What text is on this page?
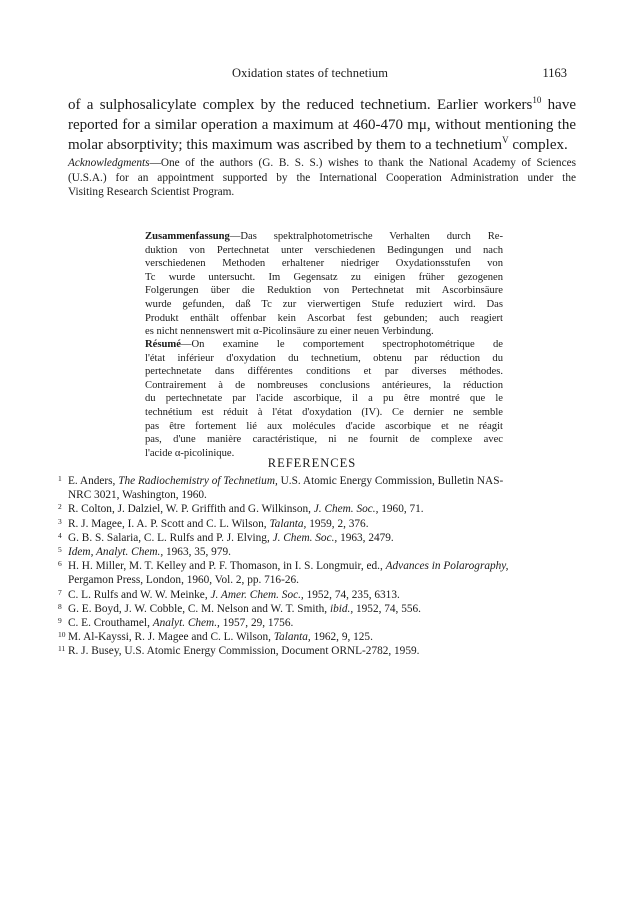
Oxidation states of technetium	1163
of a sulphosalicylate complex by the reduced technetium. Earlier workers$^{10}$ have
reported for a similar operation a maximum at 460-470 mμ, without mentioning the
molar absorptivity; this maximum was ascribed by them to a technetium$^V$ complex.
Acknowledgments—One of the authors (G. B. S. S.) wishes to thank the National Academy of Sciences
(U.S.A.) for an appointment supported by the International Cooperation Administration under the
Visiting Research Scientist Program.
Zusammenfassung—Das spektralphotometrische Verhalten durch Re-
duktion von Pertechnetat unter verschiedenen Bedingungen und nach
verschiedenen Methoden erhaltener niedriger Oxydationsstufen von
Tc wurde untersucht. Im Gegensatz zu einigen früher gezogenen
Folgerungen über die Reduktion von Pertechnetat mit Ascorbinsäure
wurde gefunden, daß Tc zur vierwertigen Stufe reduziert wird. Das
Produkt enthält offenbar kein Ascorbat fest gebunden; auch reagiert
es nicht nennenswert mit α-Picolinsäure zu einer neuen Verbindung.
Résumé—On examine le comportement spectrophotométrique de
l'état inférieur d'oxydation du technetium, obtenu par réduction du
pertechnetate dans différentes conditions et par diverses méthodes.
Contrairement à de nombreuses conclusions antérieures, la réduction
du pertechnetate par l'acide ascorbique, il a pu être montré que le
technétium est réduit à l'état d'oxydation (IV). Ce dernier ne semble
pas être fortement lié aux molécules d'acide ascorbique et ne réagit
pas, d'une manière caractéristique, ni ne fournit de complexe avec
l'acide α-picolinique.
REFERENCES
1 E. Anders, The Radiochemistry of Technetium, U.S. Atomic Energy Commission, Bulletin NAS-
NRC 3021, Washington, 1960.
2 R. Colton, J. Dalziel, W. P. Griffith and G. Wilkinson, J. Chem. Soc., 1960, 71.
3 R. J. Magee, I. A. P. Scott and C. L. Wilson, Talanta, 1959, 2, 376.
4 G. B. S. Salaria, C. L. Rulfs and P. J. Elving, J. Chem. Soc., 1963, 2479.
5 Idem, Analyt. Chem., 1963, 35, 979.
6 H. H. Miller, M. T. Kelley and P. F. Thomason, in I. S. Longmuir, ed., Advances in Polarography,
Pergamon Press, London, 1960, Vol. 2, pp. 716-26.
7 C. L. Rulfs and W. W. Meinke, J. Amer. Chem. Soc., 1952, 74, 235, 6313.
8 G. E. Boyd, J. W. Cobble, C. M. Nelson and W. T. Smith, ibid., 1952, 74, 556.
9 C. E. Crouthamel, Analyt. Chem., 1957, 29, 1756.
10 M. Al-Kayssi, R. J. Magee and C. L. Wilson, Talanta, 1962, 9, 125.
11 R. J. Busey, U.S. Atomic Energy Commission, Document ORNL-2782, 1959.
